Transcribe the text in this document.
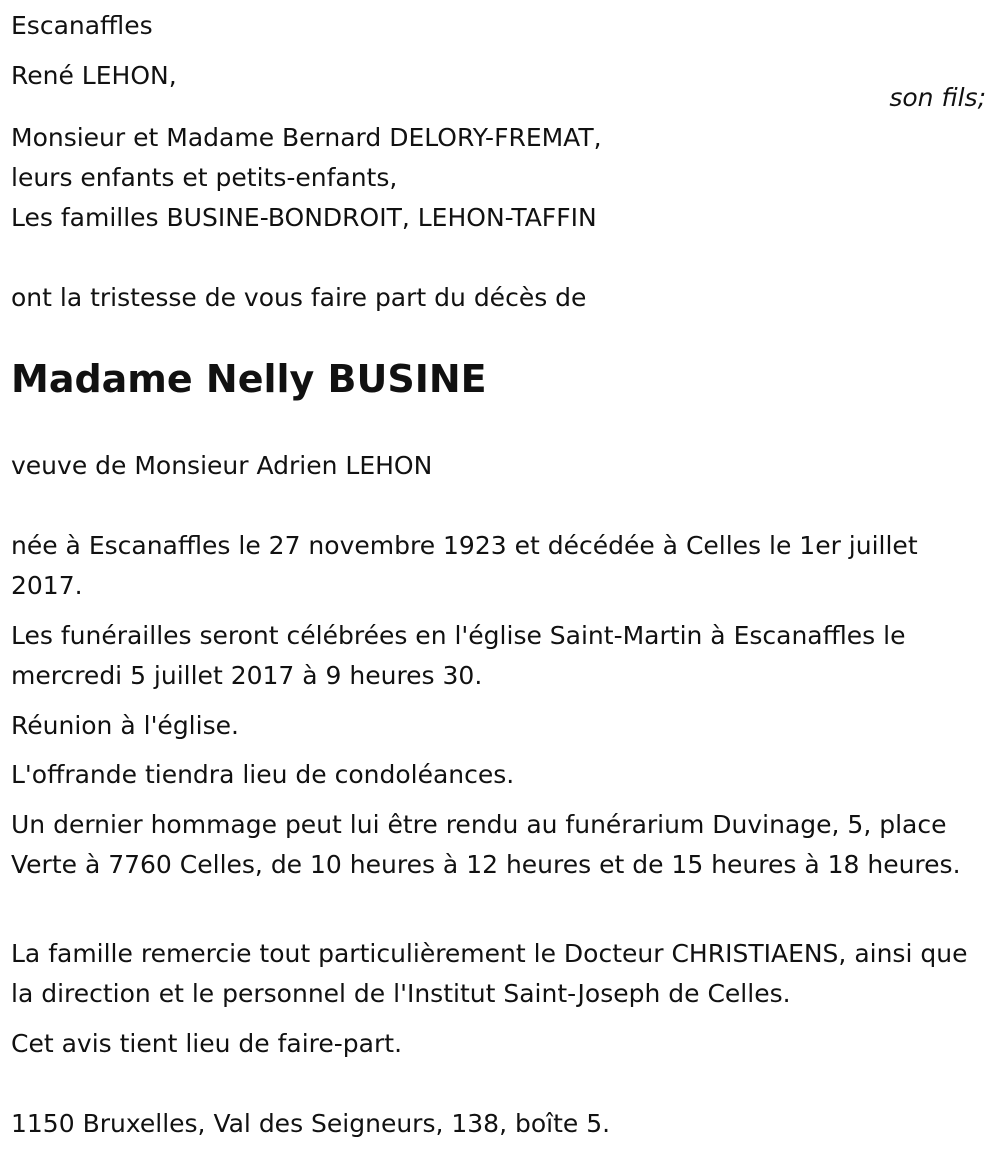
Escanaffles
René LEHON,
son fils;
Monsieur et Madame Bernard DELORY-FREMAT,
leurs enfants et petits-enfants,
Les familles BUSINE-BONDROIT, LEHON-TAFFIN
ont la tristesse de vous faire part du décès de
Madame Nelly BUSINE
veuve de Monsieur Adrien LEHON
née à Escanaffles le 27 novembre 1923 et décédée à Celles le 1er juillet 2017.
Les funérailles seront célébrées en l'église Saint-Martin à Escanaffles le mercredi 5 juillet 2017 à 9 heures 30.
Réunion à l'église.
L'offrande tiendra lieu de condoléances.
Un dernier hommage peut lui être rendu au funérarium Duvinage, 5, place Verte à 7760 Celles, de 10 heures à 12 heures et de 15 heures à 18 heures.
La famille remercie tout particulièrement le Docteur CHRISTIAENS, ainsi que la direction et le personnel de l'Institut Saint-Joseph de Celles.
Cet avis tient lieu de faire-part.
1150 Bruxelles, Val des Seigneurs, 138, boîte 5.
